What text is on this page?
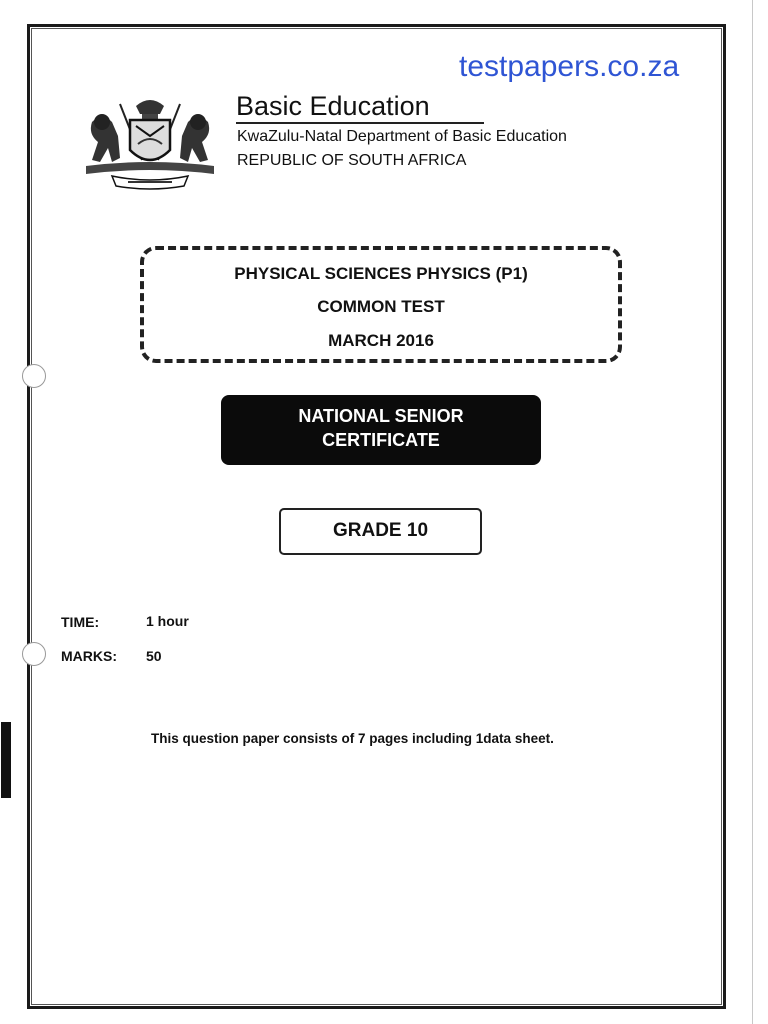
testpapers.co.za
Basic Education
KwaZulu-Natal Department of Basic Education
REPUBLIC OF SOUTH AFRICA
PHYSICAL SCIENCES PHYSICS (P1)
COMMON TEST
MARCH 2016
NATIONAL SENIOR
CERTIFICATE
GRADE 10
TIME:	1 hour
MARKS: 50
This question paper consists of 7 pages including 1data sheet.
